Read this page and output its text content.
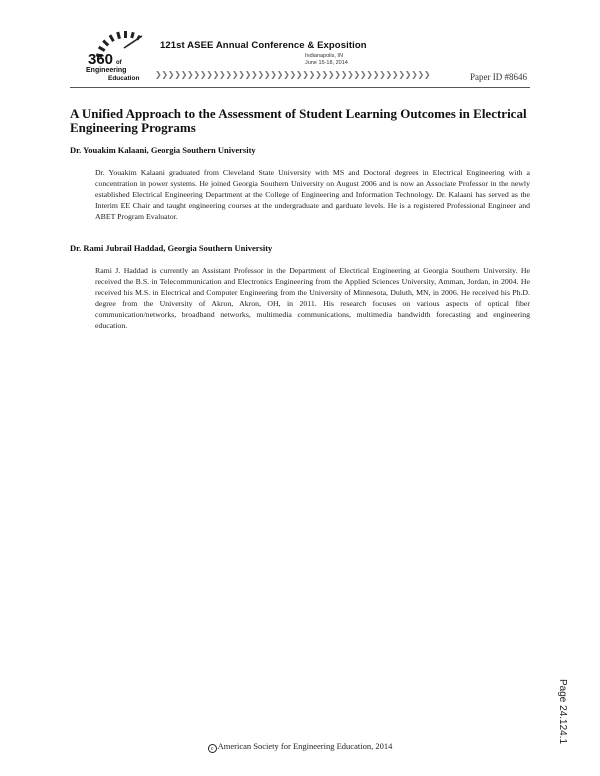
360 of
Engineering
Education
121st ASEE Annual Conference & Exposition
Indianapolis, IN
June 15-18, 2014
❯❯❯❯❯❯❯❯❯❯❯❯❯❯❯❯❯❯❯❯❯❯❯❯❯❯❯❯❯❯❯❯❯❯❯❯❯❯❯❯❯❯❯	Paper ID #8646
A Unified Approach to the Assessment of Student Learning Outcomes in Electrical Engineering Programs

Dr. Youakim Kalaani, Georgia Southern University

Dr. Youakim Kalaani graduated from Cleveland State University with MS and Doctoral degrees in Electrical Engineering with a concentration in power systems. He joined Georgia Southern University on August 2006 and is now an Associate Professor in the newly established Electrical Engineering Department at the College of Engineering and Information Technology. Dr. Kalaani has served as the Interim EE Chair and taught engineering courses at the undergraduate and garduate levels. He is a registered Professional Engineer and ABET Program Evaluator.

Dr. Rami Jubrail Haddad, Georgia Southern University

Rami J. Haddad is currently an Assistant Professor in the Department of Electrical Engineering at Georgia Southern University. He received the B.S. in Telecommunication and Electronics Engineering from the Applied Sciences University, Amman, Jordan, in 2004. He received his M.S. in Electrical and Computer Engineering from the University of Minnesota, Duluth, MN, in 2006. He received his Ph.D. degree from the University of Akron, Akron, OH, in 2011. His research focuses on various aspects of optical fiber communication/networks, broadband networks, multimedia communications, multimedia bandwidth forecasting and engineering education.

Page 24.124.1
c American Society for Engineering Education, 2014
